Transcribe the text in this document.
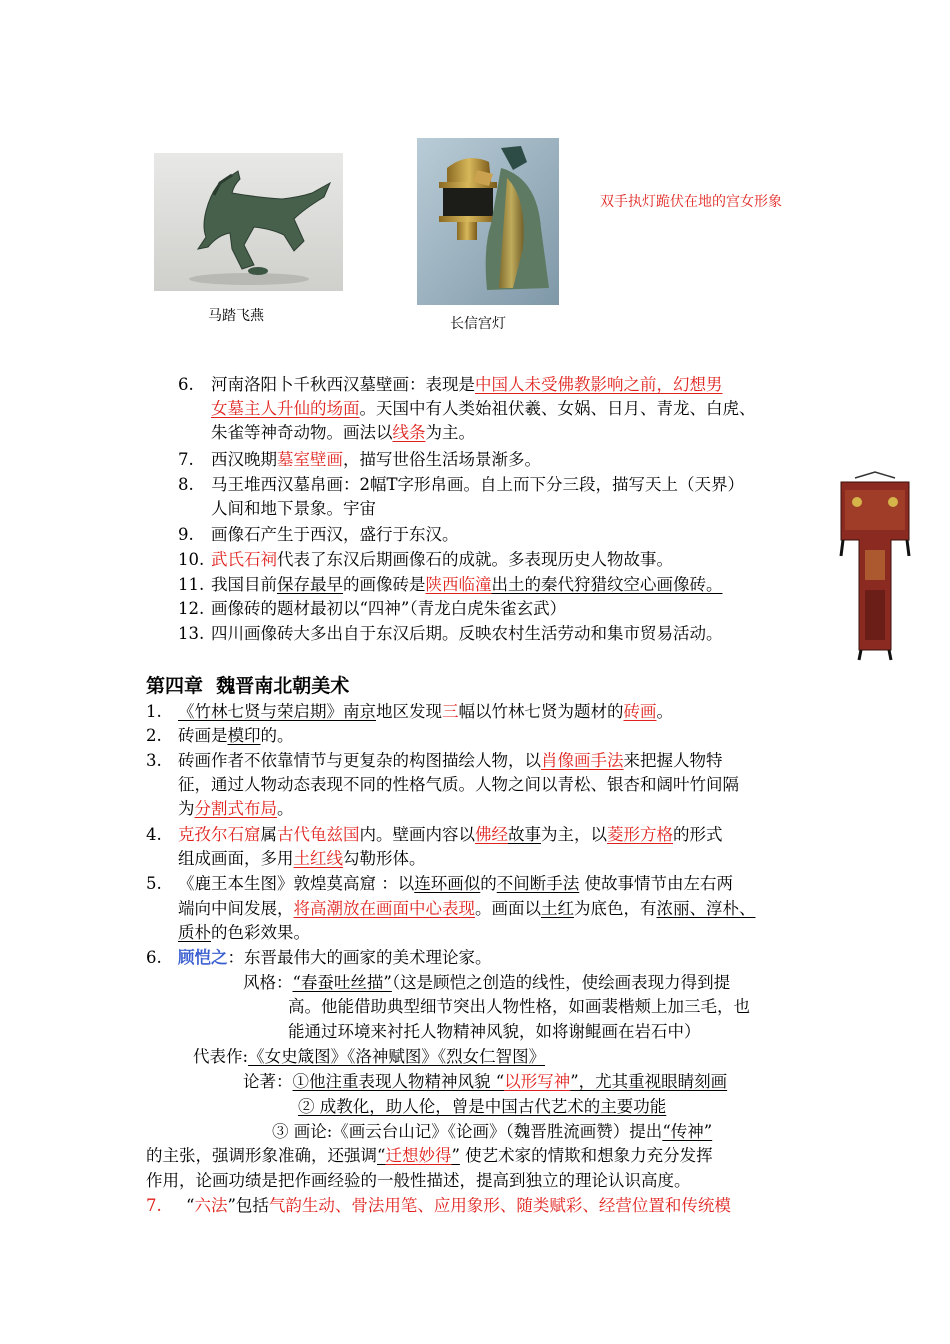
马踏飞燕	长信宫灯
双手执灯跪伏在地的宫女形象
6. 河南洛阳卜千秋西汉墓壁画：表现是中国人未受佛教影响之前，幻想男
女墓主人升仙的场面。天国中有人类始祖伏羲、女娲、日月、青龙、白虎、
朱雀等神奇动物。画法以线条为主。
7. 西汉晚期墓室壁画，描写世俗生活场景渐多。
8. 马王堆西汉墓帛画：2幅T字形帛画。自上而下分三段，描写天上（天界）
人间和地下景象。宇宙
9. 画像石产生于西汉，盛行于东汉。
10. 武氏石祠代表了东汉后期画像石的成就。多表现历史人物故事。
11. 我国目前保存最早的画像砖是陕西临潼出土的秦代狩猎纹空心画像砖。
12. 画像砖的题材最初以“四神”（青龙白虎朱雀玄武）
13. 四川画像砖大多出自于东汉后期。反映农村生活劳动和集市贸易活动。
第四章  魏晋南北朝美术
1. 《竹林七贤与荣启期》南京地区发现三幅以竹林七贤为题材的砖画。
2. 砖画是模印的。
3. 砖画作者不依靠情节与更复杂的构图描绘人物，以肖像画手法来把握人物特
征，通过人物动态表现不同的性格气质。人物之间以青松、银杏和阔叶竹间隔
为分割式布局。
4. 克孜尔石窟属古代龟兹国内。壁画内容以佛经故事为主，以菱形方格的形式
组成画面，多用土红线勾勒形体。
5. 《鹿王本生图》敦煌莫高窟 ：以连环画似的不间断手法 使故事情节由左右两
端向中间发展，将高潮放在画面中心表现。画面以土红为底色，有浓丽、淳朴、
质朴的色彩效果。
6. 顾恺之：东晋最伟大的画家的美术理论家。
风格：“春蚕吐丝描”（这是顾恺之创造的线性，使绘画表现力得到提
高。他能借助典型细节突出人物性格，如画裴楷颊上加三毛，也
能通过环境来衬托人物精神风貌，如将谢鲲画在岩石中）
代表作:《女史箴图》《洛神赋图》《烈女仁智图》
论著：①他注重表现人物精神风貌 “以形写神”，尤其重视眼睛刻画
② 成教化，助人伦，曾是中国古代艺术的主要功能
③ 画论:《画云台山记》《论画》（魏晋胜流画赞）提出“传神”
的主张，强调形象准确，还强调“迁想妙得” 使艺术家的情欺和想象力充分发挥
作用，论画功绩是把作画经验的一般性描述，提高到独立的理论认识高度。
7. “六法”包括气韵生动、骨法用笔、应用象形、随类赋彩、经营位置和传统模
